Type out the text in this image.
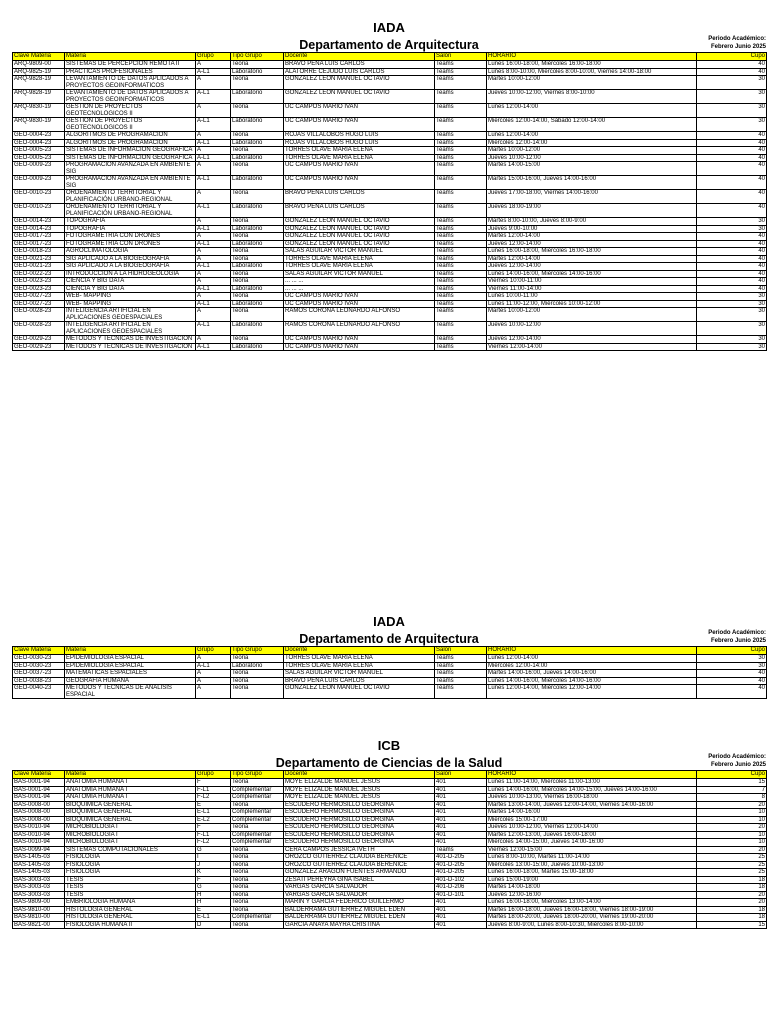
IADA
Departamento de Arquitectura	Periodo Académico:
Febrero Junio 2025
Clave Materia	Materia	Grupo	Tipo Grupo	Docente	Salón	HORARIO	Cupo
ARQ-9809-00	SISTEMAS DE PERCEPCION REMOTA II	A	Teoria	BRAVO PEÑA LUIS CARLOS	Teams	Lunes 16:00-18:00, Miércoles 16:00-18:00	40
ARQ-9825-19	PRACTICAS PROFESIONALES	A-L1	Laboratorio	ALATORRE CEJUDO LUIS CARLOS	Teams	Lunes 8:00-10:00, Miércoles 8:00-10:00, Viernes 14:00-18:00	40
ARQ-9828-19	LEVANTAMIENTO DE DATOS APLICADOS A PROYECTOS GEOINFORMATICOS	A	Teoria	GONZALEZ LEON MANUEL OCTAVIO	Teams	Martes 10:00-12:00	30
ARQ-9828-19	LEVANTAMIENTO DE DATOS APLICADOS A PROYECTOS GEOINFORMATICOS	A-L1	Laboratorio	GONZALEZ LEON MANUEL OCTAVIO	Teams	Jueves 10:00-12:00, Viernes 8:00-10:00	30
ARQ-9830-19	GESTION DE PROYECTOS GEOTECNOLOGICOS II	A	Teoria	UC CAMPOS MARIO IVAN	Teams	Lunes 12:00-14:00	30
ARQ-9830-19	GESTION DE PROYECTOS GEOTECNOLOGICOS II	A-L1	Laboratorio	UC CAMPOS MARIO IVAN	Teams	Miércoles 12:00-14:00, Sábado 12:00-14:00	30
GEO-0004-23	ALGORITMOS DE PROGRAMACIÓN	A	Teoria	ROJAS VILLALOBOS HUGO LUIS	Teams	Lunes 12:00-14:00	40
GEO-0004-23	ALGORITMOS DE PROGRAMACIÓN	A-L1	Laboratorio	ROJAS VILLALOBOS HUGO LUIS	Teams	Miércoles 12:00-14:00	40
GEO-0005-23	SISTEMAS DE INFORMACION GEOGRÁFICA	A	Teoria	TORRES OLAVE MARIA ELENA	Teams	Martes 10:00-12:00	40
GEO-0005-23	SISTEMAS DE INFORMACION GEOGRÁFICA	A-L1	Laboratorio	TORRES OLAVE MARIA ELENA	Teams	Jueves 10:00-12:00	40
GEO-0009-23	PROGRAMACIÓN AVANZADA EN AMBIENTE SIG	A	Teoria	UC CAMPOS MARIO IVAN	Teams	Martes 14:00-15:00	40
GEO-0009-23	PROGRAMACIÓN AVANZADA EN AMBIENTE SIG	A-L1	Laboratorio	UC CAMPOS MARIO IVAN	Teams	Martes 15:00-16:00, Jueves 14:00-16:00	40
GEO-0010-23	ORDENAMIENTO TERRITORIAL Y PLANIFICACIÓN URBANO-REGIONAL	A	Teoria	BRAVO PEÑA LUIS CARLOS	Teams	Jueves 17:00-18:00, Viernes 14:00-16:00	40
GEO-0010-23	ORDENAMIENTO TERRITORIAL Y PLANIFICACIÓN URBANO-REGIONAL	A-L1	Laboratorio	BRAVO PEÑA LUIS CARLOS	Teams	Jueves 18:00-19:00	40
GEO-0014-23	TOPOGRAFÍA	A	Teoria	GONZALEZ LEON MANUEL OCTAVIO	Teams	Martes 8:00-10:00, Jueves 8:00-9:00	30
GEO-0014-23	TOPOGRAFÍA	A-L1	Laboratorio	GONZALEZ LEON MANUEL OCTAVIO	Teams	Jueves 9:00-10:00	30
GEO-0017-23	FOTOGRAMETRÍA CON DRONES	A	Teoria	GONZALEZ LEON MANUEL OCTAVIO	Teams	Martes 12:00-14:00	40
GEO-0017-23	FOTOGRAMETRÍA CON DRONES	A-L1	Laboratorio	GONZALEZ LEON MANUEL OCTAVIO	Teams	Jueves 12:00-14:00	40
GEO-0018-23	AGROCLIMATOLOGÍA	A	Teoria	SALAS AGUILAR VICTOR MANUEL	Teams	Lunes 16:00-18:00, Miércoles 16:00-18:00	40
GEO-0021-23	SIG APLICADO A LA BIOGEOGRAFÍA	A	Teoria	TORRES OLAVE MARIA ELENA	Teams	Martes 12:00-14:00	40
GEO-0021-23	SIG APLICADO A LA BIOGEOGRAFÍA	A-L1	Laboratorio	TORRES OLAVE MARIA ELENA	Teams	Jueves 12:00-14:00	40
GEO-0022-23	INTRODUCCIÓN A LA HIDROGEOLOGÍA	A	Teoria	SALAS AGUILAR VICTOR MANUEL	Teams	Lunes 14:00-16:00, Miércoles 14:00-16:00	40
GEO-0023-23	CIENCIA Y BIG DATA	A	Teoria	... ... ...	Teams	Viernes 10:00-11:00	40
GEO-0023-23	CIENCIA Y BIG DATA	A-L1	Laboratorio	... ... ...	Teams	Viernes 11:00-14:00	40
GEO-0027-23	WEB- MAPPING	A	Teoria	UC CAMPOS MARIO IVAN	Teams	Lunes 10:00-11:00	30
GEO-0027-23	WEB- MAPPING	A-L1	Laboratorio	UC CAMPOS MARIO IVAN	Teams	Lunes 11:00-12:00, Miércoles 10:00-12:00	30
GEO-0028-23	INTELIGENCIA ARTIFICIAL EN APLICACIONES GEOESPACIALES	A	Teoria	RAMOS CORONA LEONARDO ALFONSO	Teams	Martes 10:00-12:00	30
GEO-0028-23	INTELIGENCIA ARTIFICIAL EN APLICACIONES GEOESPACIALES	A-L1	Laboratorio	RAMOS CORONA LEONARDO ALFONSO	Teams	Jueves 10:00-12:00	30
GEO-0029-23	MÉTODOS Y TÉCNICAS DE INVESTIGACIÓN	A	Teoria	UC CAMPOS MARIO IVAN	Teams	Jueves 12:00-14:00	30
GEO-0029-23	MÉTODOS Y TÉCNICAS DE INVESTIGACIÓN	A-L1	Laboratorio	UC CAMPOS MARIO IVAN	Teams	Viernes 12:00-14:00	30
IADA
Departamento de Arquitectura	Periodo Académico:
Febrero Junio 2025
Clave Materia	Materia	Grupo	Tipo Grupo	Docente	Salón	HORARIO	Cupo
GEO-0030-23	EPIDEMIOLOGÍA ESPACIAL	A	Teoria	TORRES OLAVE MARIA ELENA	Teams	Lunes 12:00-14:00	30
GEO-0030-23	EPIDEMIOLOGÍA ESPACIAL	A-L1	Laboratorio	TORRES OLAVE MARIA ELENA	Teams	Miércoles 12:00-14:00	30
GEO-0037-23	MATEMATICAS ESPACIALES	A	Teoria	SALAS AGUILAR VICTOR MANUEL	Teams	Martes 14:00-16:00, Jueves 14:00-16:00	40
GEO-0038-23	GEOGRAFÍA HUMANA	A	Teoria	BRAVO PEÑA LUIS CARLOS	Teams	Lunes 14:00-16:00, Miércoles 14:00-16:00	40
GEO-0040-23	MÉTODOS Y TÉCNICAS DE ANÁLISIS ESPACIAL	A	Teoria	GONZALEZ LEON MANUEL OCTAVIO	Teams	Lunes 12:00-14:00, Miércoles 12:00-14:00	40
ICB
Departamento de Ciencias de la Salud	Periodo Académico:
Febrero Junio 2025
Clave Materia	Materia	Grupo	Tipo Grupo	Docente	Salón	HORARIO	Cupo
BAS-0001-94	ANATOMIA HUMANA I	F	Teoria	MOYE ELIZALDE MANUEL JESUS	401	Lunes 11:00-14:00, Miércoles 11:00-13:00	15
BAS-0001-94	ANATOMIA HUMANA I	F-L1	Complementar	MOYE ELIZALDE MANUEL JESUS	401	Lunes 14:00-16:00, Miércoles 14:00-15:00, Jueves 14:00-16:00	7
BAS-0001-94	ANATOMIA HUMANA I	F-L2	Complementar	MOYE ELIZALDE MANUEL JESUS	401	Jueves 10:00-13:00, Viernes 16:00-18:00	8
BAS-0008-00	BIOQUIMICA GENERAL	E	Teoria	ESCUDERO HERMOSILLO GEORGINA	401	Martes 13:00-14:00, Jueves 12:00-14:00, Viernes 14:00-16:00	20
BAS-0008-00	BIOQUIMICA GENERAL	E-L1	Complementar	ESCUDERO HERMOSILLO GEORGINA	401	Martes 14:00-16:00	10
BAS-0008-00	BIOQUIMICA GENERAL	E-L2	Complementar	ESCUDERO HERMOSILLO GEORGINA	401	Miércoles 15:00-17:00	10
BAS-0010-94	MICROBIOLOGIA I	F	Teoria	ESCUDERO HERMOSILLO GEORGINA	401	Jueves 10:00-12:00, Viernes 12:00-14:00	20
BAS-0010-94	MICROBIOLOGIA I	F-L1	Complementar	ESCUDERO HERMOSILLO GEORGINA	401	Martes 12:00-13:00, Jueves 16:00-18:00	10
BAS-0010-94	MICROBIOLOGIA I	F-L2	Complementar	ESCUDERO HERMOSILLO GEORGINA	401	Miércoles 14:00-15:00, Jueves 14:00-16:00	10
BAS-0099-94	SISTEMAS COMPUTACIONALES	G	Teoria	CERA CAMPOS JESSICA IVETH	Teams	Viernes 12:00-15:00	20
BAS-1405-03	FISIOLOGIA	I	Teoria	OROZCO GUTIERREZ CLAUDIA BERENICE	401-D-205	Lunes 8:00-10:00, Martes 11:00-14:00	25
BAS-1405-03	FISIOLOGIA	J	Teoria	OROZCO GUTIERREZ CLAUDIA BERENICE	401-D-205	Miércoles 13:00-15:00, Jueves 10:00-13:00	25
BAS-1405-03	FISIOLOGIA	K	Teoria	GONZALEZ ARAGON FUENTES ARMANDO	401-D-205	Lunes 16:00-18:00, Martes 15:00-18:00	25
BAS-3003-03	TESIS	F	Teoria	ZESATI PEREYRA GINA ISABEL	401-D-102	Lunes 15:00-19:00	18
BAS-3003-03	TESIS	G	Teoria	VARGAS GARCIA SALVADOR	401-D-206	Martes 14:00-18:00	18
BAS-3003-03	TESIS	H	Teoria	VARGAS GARCIA SALVADOR	401-D-101	Jueves 12:00-16:00	20
BAS-9809-00	EMBRIOLOGIA HUMANA	H	Teoria	MARIN Y GARCIA FEDERICO GUILLERMO	401	Lunes 16:00-18:00, Miércoles 13:00-14:00	20
BAS-9810-00	HISTOLOGIA GENERAL	E	Teoria	BALDERRAMA GUTIERREZ MIGUEL EDEN	401	Martes 16:00-18:00, Jueves 16:00-18:00, Viernes 18:00-19:00	18
BAS-9810-00	HISTOLOGIA GENERAL	E-L1	Complementar	BALDERRAMA GUTIERREZ MIGUEL EDEN	401	Martes 18:00-20:00, Jueves 18:00-20:00, Viernes 19:00-20:00	18
BAS-9821-00	FISIOLOGIA HUMANA II	D	Teoria	GARCIA ANAYA MAYRA CRISTINA	401	Jueves 8:00-9:00, Lunes 8:00-10:30, Miércoles 8:00-10:00	15
